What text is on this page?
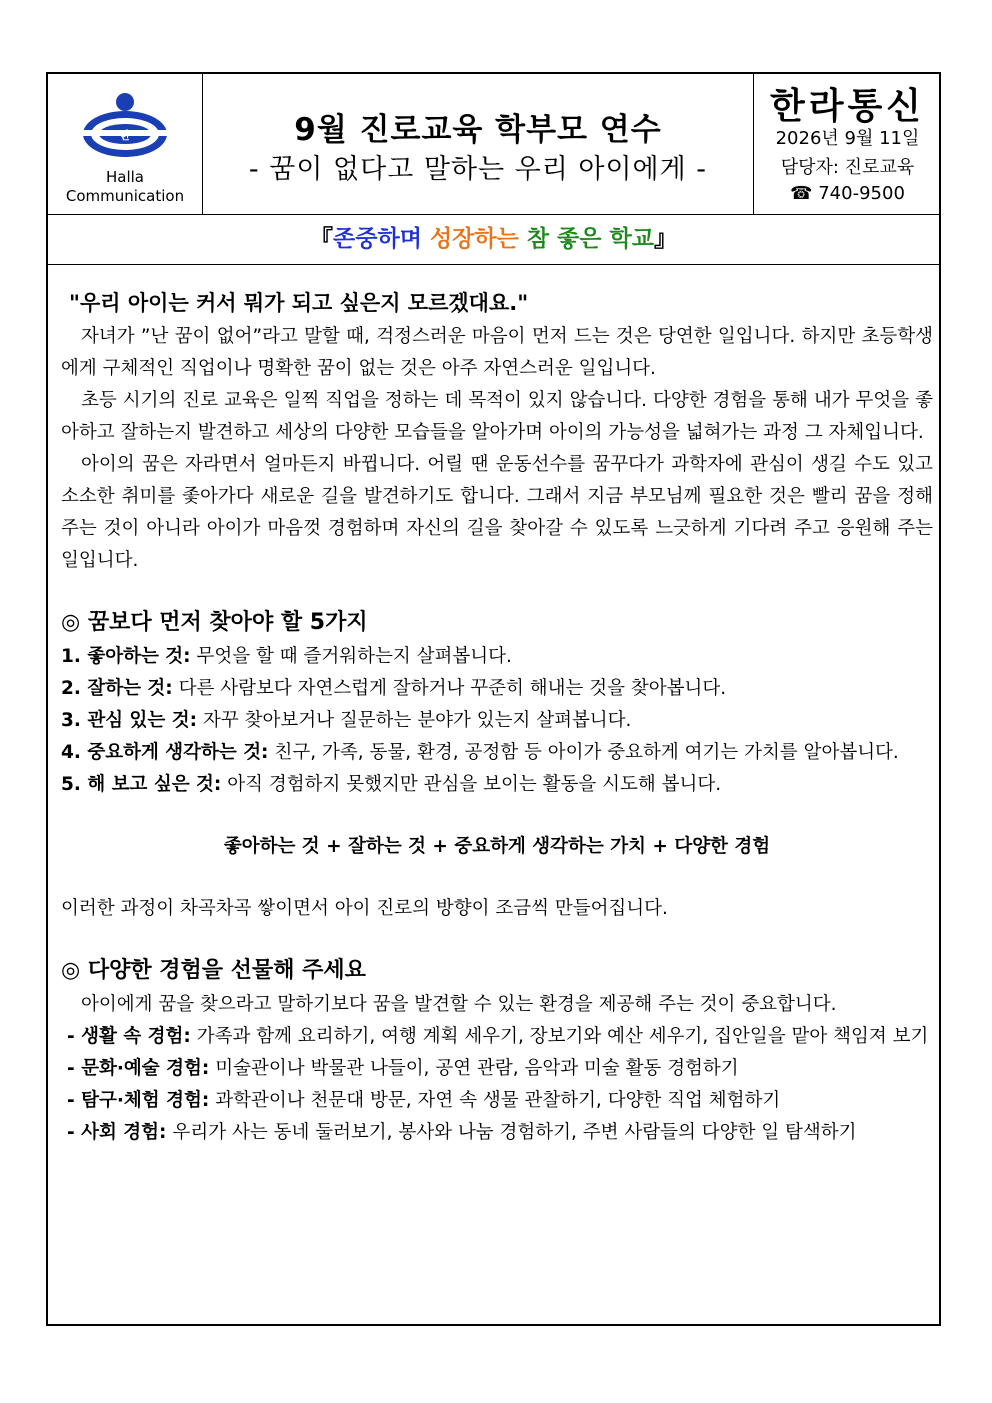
한
Halla
Communication
9월 진로교육 학부모 연수
- 꿈이 없다고 말하는 우리 아이에게 -
한라통신
2026년 9월 11일
담당자: 진로교육
☎ 740-9500
『존중하며 성장하는 참 좋은 학교』

"우리 아이는 커서 뭐가 되고 싶은지 모르겠대요."

자녀가 ”난 꿈이 없어”라고 말할 때, 걱정스러운 마음이 먼저 드는 것은 당연한 일입니다. 하지만 초등학생에게 구체적인 직업이나 명확한 꿈이 없는 것은 아주 자연스러운 일입니다.

초등 시기의 진로 교육은 일찍 직업을 정하는 데 목적이 있지 않습니다. 다양한 경험을 통해 내가 무엇을 좋아하고 잘하는지 발견하고 세상의 다양한 모습들을 알아가며 아이의 가능성을 넓혀가는 과정 그 자체입니다.

아이의 꿈은 자라면서 얼마든지 바뀝니다. 어릴 땐 운동선수를 꿈꾸다가 과학자에 관심이 생길 수도 있고 소소한 취미를 좇아가다 새로운 길을 발견하기도 합니다. 그래서 지금 부모님께 필요한 것은 빨리 꿈을 정해주는 것이 아니라 아이가 마음껏 경험하며 자신의 길을 찾아갈 수 있도록 느긋하게 기다려 주고 응원해 주는 일입니다.

◎ 꿈보다 먼저 찾아야 할 5가지

1. 좋아하는 것: 무엇을 할 때 즐거워하는지 살펴봅니다.
2. 잘하는 것: 다른 사람보다 자연스럽게 잘하거나 꾸준히 해내는 것을 찾아봅니다.
3. 관심 있는 것: 자꾸 찾아보거나 질문하는 분야가 있는지 살펴봅니다.
4. 중요하게 생각하는 것: 친구, 가족, 동물, 환경, 공정함 등 아이가 중요하게 여기는 가치를 알아봅니다.
5. 해 보고 싶은 것: 아직 경험하지 못했지만 관심을 보이는 활동을 시도해 봅니다.

좋아하는 것 + 잘하는 것 + 중요하게 생각하는 가치 + 다양한 경험

이러한 과정이 차곡차곡 쌓이면서 아이 진로의 방향이 조금씩 만들어집니다.

◎ 다양한 경험을 선물해 주세요

아이에게 꿈을 찾으라고 말하기보다 꿈을 발견할 수 있는 환경을 제공해 주는 것이 중요합니다.

- 생활 속 경험: 가족과 함께 요리하기, 여행 계획 세우기, 장보기와 예산 세우기, 집안일을 맡아 책임져 보기
- 문화·예술 경험: 미술관이나 박물관 나들이, 공연 관람, 음악과 미술 활동 경험하기
- 탐구·체험 경험: 과학관이나 천문대 방문, 자연 속 생물 관찰하기, 다양한 직업 체험하기
- 사회 경험: 우리가 사는 동네 둘러보기, 봉사와 나눔 경험하기, 주변 사람들의 다양한 일 탐색하기
